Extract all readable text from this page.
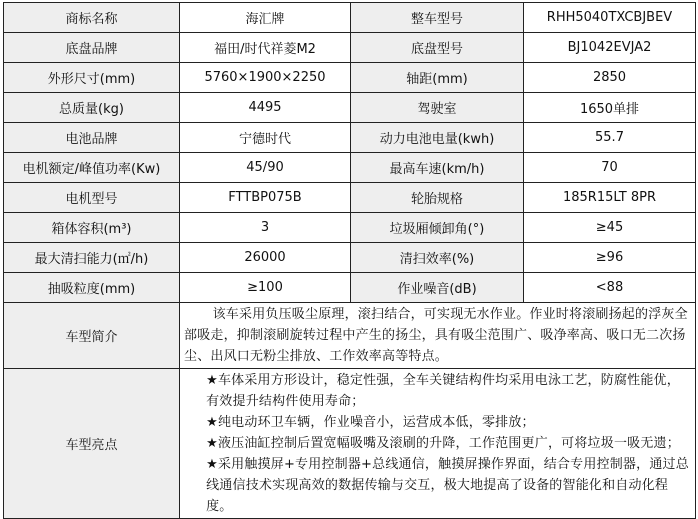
商标名称	海汇牌	整车型号	RHH5040TXCBJBEV
底盘品牌	福田/时代祥菱M2	底盘型号	BJ1042EVJA2
外形尺寸(mm)	5760×1900×2250	轴距(mm)	2850
总质量(kg)	4495	驾驶室	1650单排
电池品牌	宁德时代	动力电池电量(kwh)	55.7
电机额定/峰值功率(Kw)	45/90	最高车速(km/h)	70
电机型号	FTTBP075B	轮胎规格	185R15LT 8PR
箱体容积(m³)	3	垃圾厢倾卸角(°)	≥45
最大清扫能力(㎡/h)	26000	清扫效率(%)	≥96
抽吸粒度(mm)	≥100	作业噪音(dB)	<88
车型简介	该车采用负压吸尘原理，滚扫结合，可实现无水作业。作业时将滚刷扬起的浮灰全部吸走，抑制滚刷旋转过程中产生的扬尘，具有吸尘范围广、吸净率高、吸口无二次扬尘、出风口无粉尘排放、工作效率高等特点。		
车型亮点	★车体采用方形设计，稳定性强，全车关键结构件均采用电泳工艺，防腐性能优，有效提升结构件使用寿命；
★纯电动环卫车辆，作业噪音小，运营成本低，零排放；
★液压油缸控制后置宽幅吸嘴及滚刷的升降，工作范围更广，可将垃圾一吸无遗；
★采用触摸屏+专用控制器+总线通信，触摸屏操作界面，结合专用控制器，通过总线通信技术实现高效的数据传输与交互，极大地提高了设备的智能化和自动化程度。		
